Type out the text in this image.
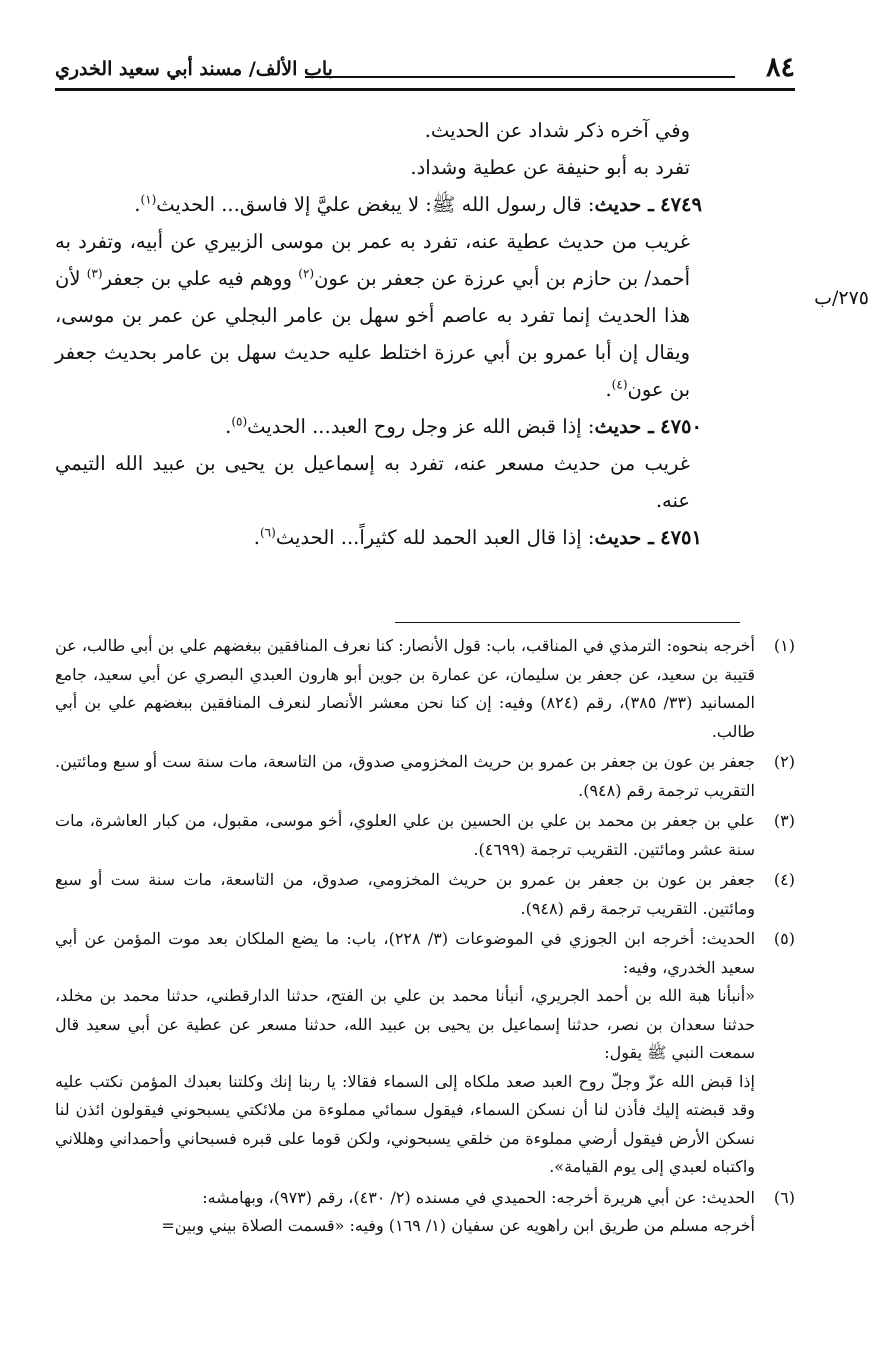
٨٤
باب الألف/ مسند أبي سعيد الخدري
٢٧٥/ب

وفي آخره ذكر شداد عن الحديث.

تفرد به أبو حنيفة عن عطية وشداد.

٤٧٤٩ ـ حديث: قال رسول الله ﷺ: لا يبغض عليَّ إلا فاسق... الحديث$^{(١)}$.

غريب من حديث عطية عنه، تفرد به عمر بن موسى الزبيري عن أبيه، وتفرد به أحمد/ بن حازم بن أبي عرزة عن جعفر بن عون$^{(٢)}$ ووهم فيه علي بن جعفر$^{(٣)}$ لأن هذا الحديث إنما تفرد به عاصم أخو سهل بن عامر البجلي عن عمر بن موسى، ويقال إن أبا عمرو بن أبي عرزة اختلط عليه حديث سهل بن عامر بحديث جعفر بن عون$^{(٤)}$.

٤٧٥٠ ـ حديث: إذا قبض الله عز وجل روح العبد... الحديث$^{(٥)}$.

غريب من حديث مسعر عنه، تفرد به إسماعيل بن يحيى بن عبيد الله التيمي عنه.

٤٧٥١ ـ حديث: إذا قال العبد الحمد لله كثيراً... الحديث$^{(٦)}$.

(١)

أخرجه بنحوه: الترمذي في المناقب، باب: قول الأنصار: كنا نعرف المنافقين ببغضهم علي بن أبي طالب، عن قتيبة بن سعيد، عن جعفر بن سليمان، عن عمارة بن جوين أبو هارون العبدي البصري عن أبي سعيد، جامع المسانيد (٣٣/ ٣٨٥)، رقم (٨٢٤) وفيه: إن كنا نحن معشر الأنصار لنعرف المنافقين ببغضهم علي بن أبي طالب.

(٢)

جعفر بن عون بن جعفر بن عمرو بن حريث المخزومي صدوق، من التاسعة، مات سنة ست أو سبع ومائتين. التقريب ترجمة رقم (٩٤٨).

(٣)

علي بن جعفر بن محمد بن علي بن الحسين بن علي العلوي، أخو موسى، مقبول، من كبار العاشرة، مات سنة عشر ومائتين. التقريب ترجمة (٤٦٩٩).

(٤)

جعفر بن عون بن جعفر بن عمرو بن حريث المخزومي، صدوق، من التاسعة، مات سنة ست أو سبع ومائتين. التقريب ترجمة رقم (٩٤٨).

(٥)

الحديث: أخرجه ابن الجوزي في الموضوعات (٣/ ٢٢٨)، باب: ما يضع الملكان بعد موت المؤمن عن أبي سعيد الخدري، وفيه:

«أنبأنا هبة الله بن أحمد الجريري، أنبأنا محمد بن علي بن الفتح، حدثنا الدارقطني، حدثنا محمد بن مخلد، حدثنا سعدان بن نصر، حدثنا إسماعيل بن يحيى بن عبيد الله، حدثنا مسعر عن عطية عن أبي سعيد قال سمعت النبي ﷺ يقول:

إذا قبض الله عزّ وجلّ روح العبد صعد ملكاه إلى السماء فقالا: يا ربنا إنك وكلتنا بعبدك المؤمن نكتب عليه وقد قبضته إليك فأذن لنا أن نسكن السماء، فيقول سمائي مملوءة من ملائكتي يسبحوني فيقولون ائذن لنا نسكن الأرض فيقول أرضي مملوءة من خلقي يسبحوني، ولكن قوما على قبره فسبحاني وأحمداني وهللاني واكتباه لعبدي إلى يوم القيامة».

(٦)

الحديث: عن أبي هريرة أخرجه: الحميدي في مسنده (٢/ ٤٣٠)، رقم (٩٧٣)، وبهامشه:

أخرجه مسلم من طريق ابن راهويه عن سفيان (١/ ١٦٩) وفيه: «قسمت الصلاة بيني وبين=
